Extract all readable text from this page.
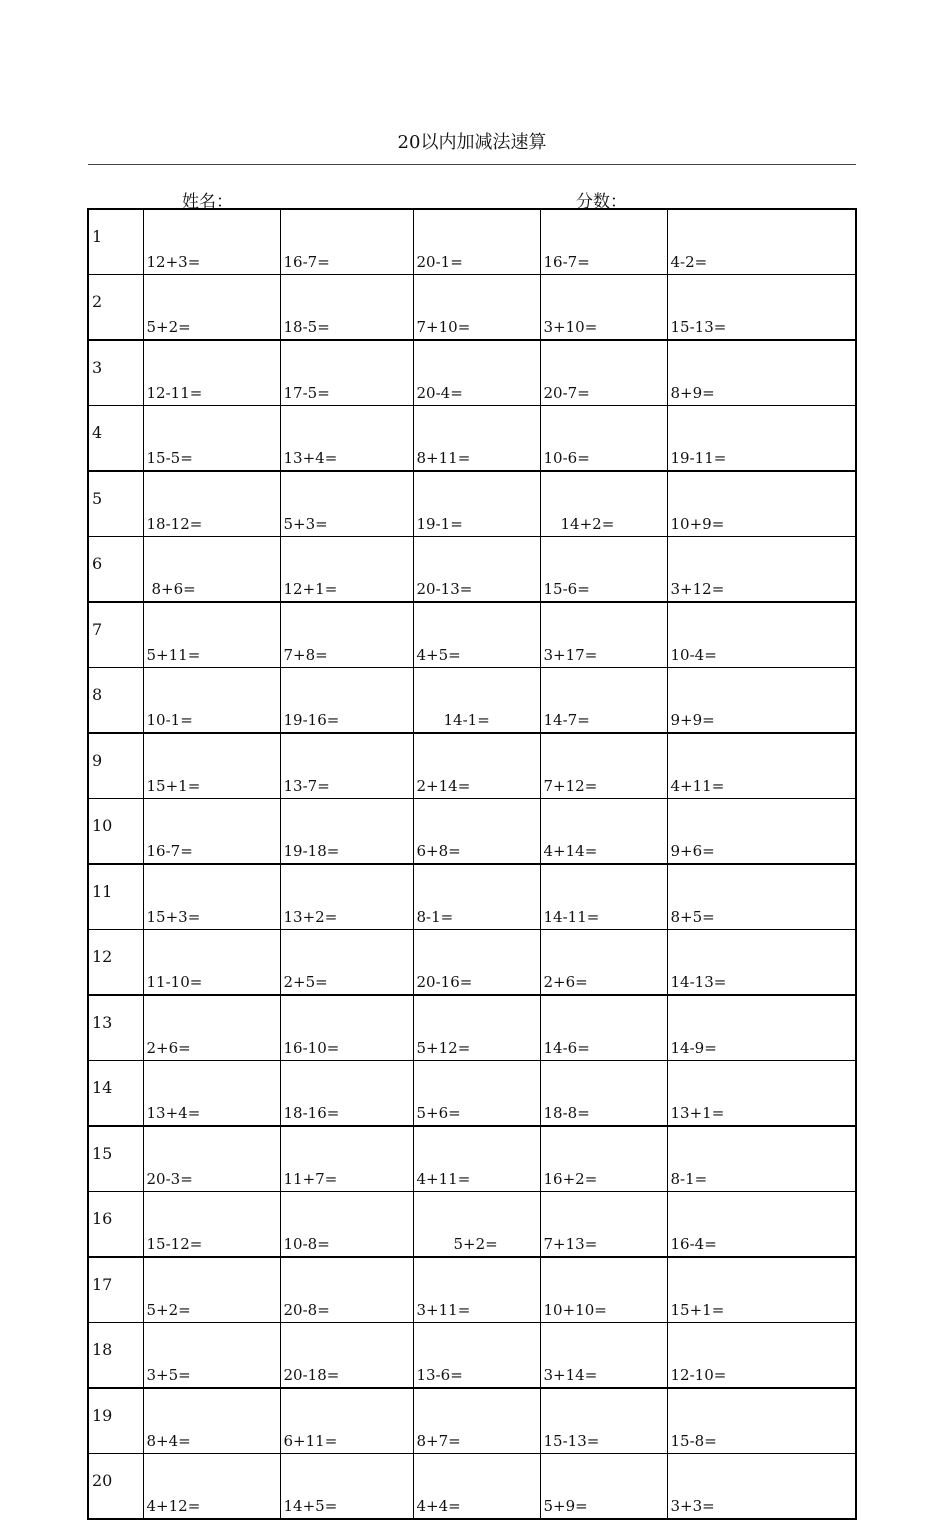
20以内加减法速算
姓名：	分数：
1	12+3=	16-7=	20-1=	16-7=	4-2=
2	5+2=	18-5=	7+10=	3+10=	15-13=
3	12-11=	17-5=	20-4=	20-7=	8+9=
4	15-5=	13+4=	8+11=	10-6=	19-11=
5	18-12=	5+3=	19-1=	14+2=	10+9=
6	8+6=	12+1=	20-13=	15-6=	3+12=
7	5+11=	7+8=	4+5=	3+17=	10-4=
8	10-1=	19-16=	14-1=	14-7=	9+9=
9	15+1=	13-7=	2+14=	7+12=	4+11=
10	16-7=	19-18=	6+8=	4+14=	9+6=
11	15+3=	13+2=	8-1=	14-11=	8+5=
12	11-10=	2+5=	20-16=	2+6=	14-13=
13	2+6=	16-10=	5+12=	14-6=	14-9=
14	13+4=	18-16=	5+6=	18-8=	13+1=
15	20-3=	11+7=	4+11=	16+2=	8-1=
16	15-12=	10-8=	5+2=	7+13=	16-4=
17	5+2=	20-8=	3+11=	10+10=	15+1=
18	3+5=	20-18=	13-6=	3+14=	12-10=
19	8+4=	6+11=	8+7=	15-13=	15-8=
20	4+12=	14+5=	4+4=	5+9=	3+3=
